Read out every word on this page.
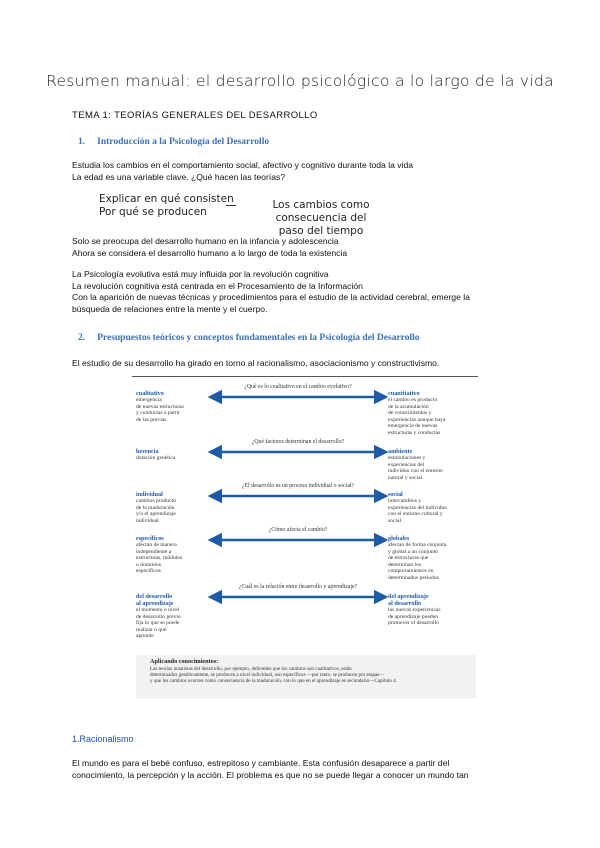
Resumen manual: el desarrollo psicológico a lo largo de la vida
TEMA 1: TEORÍAS GENERALES DEL DESARROLLO
1. Introducción a la Psicología del Desarrollo
Estudia los cambios en el comportamiento social, afectivo y cognitivo durante toda la vida
La edad es una variable clave. ¿Qué hacen las teorías?
Explicar en qué consisten
Por qué se producen
Los cambios como consecuencia del
paso del tiempo
Solo se preocupa del desarrollo humano en la infancia y adolescencia
Ahora se considera el desarrollo humano a lo largo de toda la existencia
La Psicología evolutiva está muy influida por la revolución cognitiva
La revolución cognitiva está centrada en el Procesamiento de la Información
Con la aparición de nuevas técnicas y procedimientos para el estudio de la actividad cerebral, emerge la
búsqueda de relaciones entre la mente y el cuerpo.
2. Presupuestos teóricos y conceptos fundamentales en la Psicología del Desarrollo
El estudio de su desarrollo ha girado en torno al racionalismo, asociacionismo y constructivismo.
¿Qué es lo cualitativo en el cambio evolutivo?
cualitativo
emergencia
de nuevas estructuras
y conductas a partir
de las previas
cuantitativo
el cambio es producto
de la acumulación
de conocimientos y
experiencias aunque haya
emergencia de nuevas
estructuras y conductas
¿Qué factores determinan el desarrollo?
herencia
dotación genética
ambiente
estimulaciones y
experiencias del
individuo con el entorno
natural y social
¿El desarrollo es un proceso individual o social?
individual
cambios producto
de la maduración
y/o el aprendizaje
individual
social
intercambios y
experiencias del individuo
con el entorno cultural y
social
¿Cómo afecta el cambio?
específicos
afectan de manera
independiente a
estructuras, módulos
o dominios
específicos
globales
afectan de forma conjunta
y global a un conjunto
de estructuras que
determinan los
comportamientos en
determinados periodos
¿Cuál es la relación entre desarrollo y aprendizaje?
del desarrollo
al aprendizaje
el momento o nivel
de desarrollo previo
fija lo que se puede
realizar o que
aprende
del aprendizaje
al desarrollo
las nuevas experiencias
de aprendizaje pueden
promover el desarrollo
Aplicando conocimientos:
Las teorías innatistas del desarrollo, por ejemplo, defienden que los cambios son cualitativos, están
determinados genéticamente, se producen a nivel individual, son específicos —por tanto, se producen por etapas—
y que los cambios ocurren como consecuencia de la maduración, con lo que en el aprendizaje es secundario—Capítulo 4.
1.Racionalismo
El mundo es para el bebé confuso, estrepitoso y cambiante. Esta confusión desaparece a partir del
conocimiento, la percepción y la acción. El problema es que no se puede llegar a conocer un mundo tan
